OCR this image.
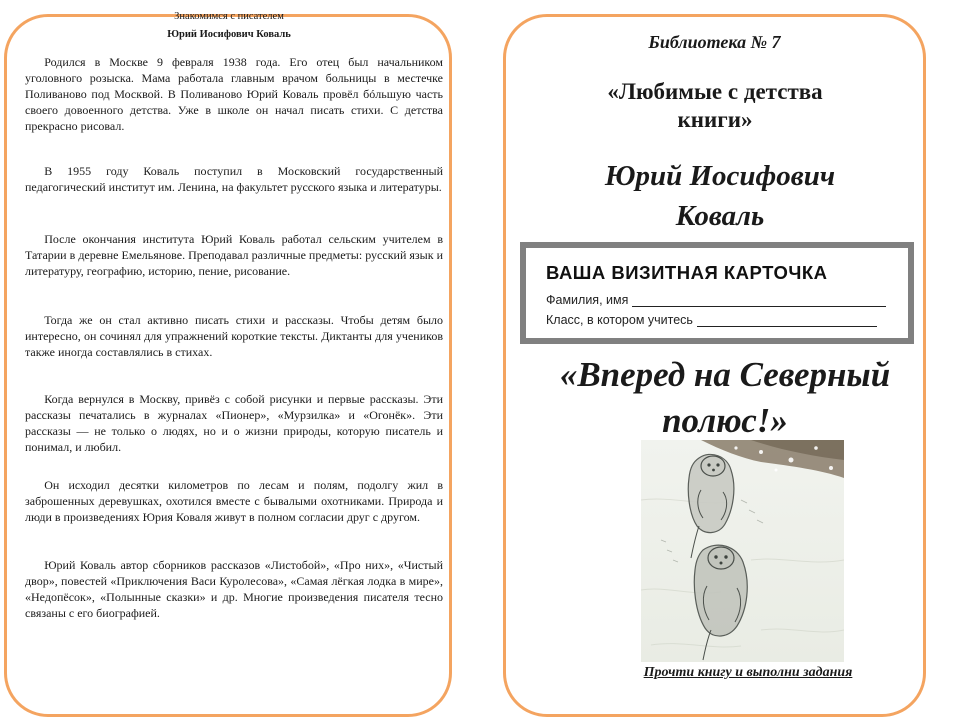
Знакомимся с писателем
Юрий Иосифович Коваль

Родился в Москве 9 февраля 1938 года. Его отец был начальником уголовного розыска. Мама работала главным врачом больницы в местечке Поливаново под Москвой. В Поливаново Юрий Коваль провёл бóльшую часть своего довоенного детства. Уже в школе он начал писать стихи. С детства прекрасно рисовал.

В 1955 году Коваль поступил в Московский государственный педагогический институт им. Ленина, на факультет русского языка и литературы.

После окончания института Юрий Коваль работал сельским учителем в Татарии в деревне Емельянове. Преподавал различные предметы: русский язык и литературу, географию, историю, пение, рисование.

Тогда же он стал активно писать стихи и рассказы. Чтобы детям было интересно, он сочинял для упражнений короткие тексты. Диктанты для учеников также иногда составлялись в стихах.

Когда вернулся в Москву, привёз с собой рисунки и первые рассказы. Эти рассказы печатались в журналах «Пионер», «Мурзилка» и «Огонёк». Эти рассказы — не только о людях, но и о жизни природы, которую писатель и понимал, и любил.

Он исходил десятки километров по лесам и полям, подолгу жил в заброшенных деревушках, охотился вместе с бывалыми охотниками. Природа и люди в произведениях Юрия Коваля живут в полном согласии друг с другом.

Юрий Коваль автор сборников рассказов «Листобой», «Про них», «Чистый двор», повестей «Приключения Васи Куролесова», «Самая лёгкая лодка в мире», «Недопёсок», «Полынные сказки» и др. Многие произведения писателя тесно связаны с его биографией.

Библиотека № 7
«Любимые с детства книги»
Юрий Иосифович
Коваль
ВАША ВИЗИТНАЯ КАРТОЧКА
Фамилия, имя
Класс, в котором учитесь
«Вперед на Северный полюс!»
Прочти книгу и выполни задания
